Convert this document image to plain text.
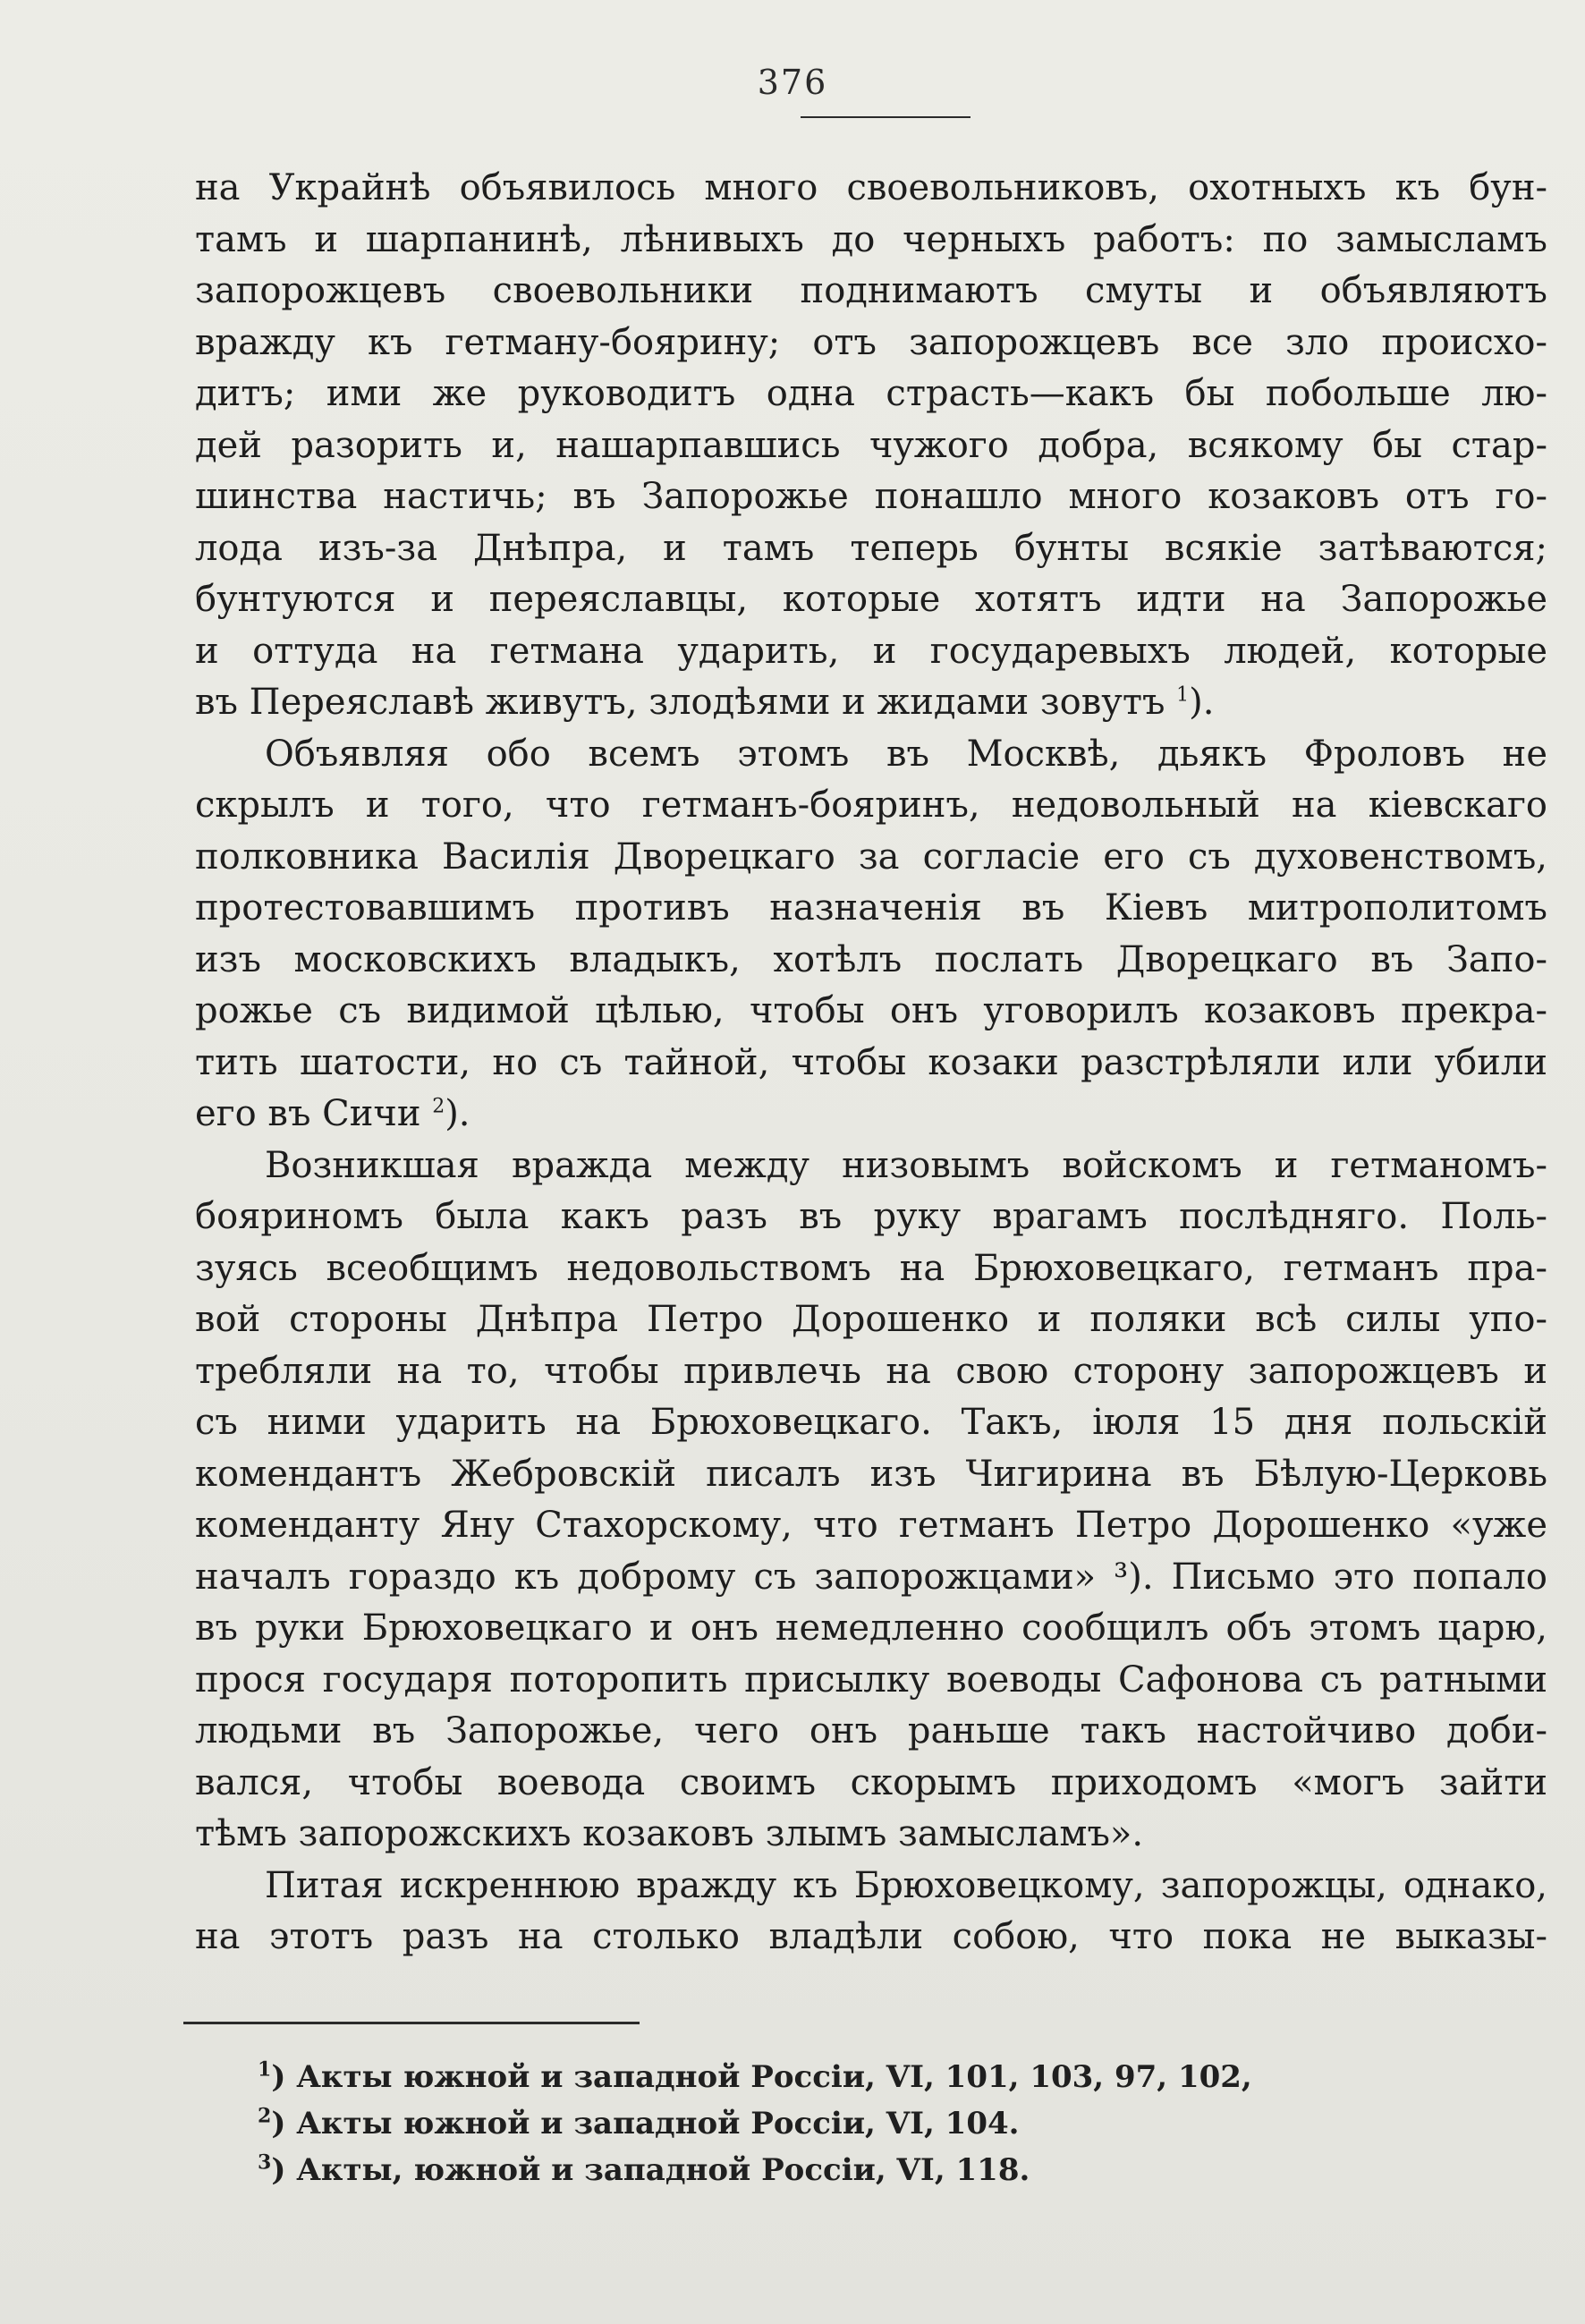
376
на Украйнѣ объявилось много своевольниковъ, охотныхъ къ бун-
тамъ и шарпанинѣ, лѣнивыхъ до черныхъ работъ: по замысламъ
запорожцевъ своевольники поднимаютъ смуты и объявляютъ
вражду къ гетману-боярину; отъ запорожцевъ все зло происхо-
дитъ; ими же руководитъ одна страсть—какъ бы побольше лю-
дей разорить и, нашарпавшись чужого добра, всякому бы стар-
шинства настичь; въ Запорожье понашло много козаковъ отъ го-
лода изъ-за Днѣпра, и тамъ теперь бунты всякіе затѣваются;
бунтуются и переяславцы, которые хотятъ идти на Запорожье
и оттуда на гетмана ударить, и государевыхъ людей, которые
въ Переяславѣ живутъ, злодѣями и жидами зовутъ $^1$).
Объявляя обо всемъ этомъ въ Москвѣ, дьякъ Фроловъ не
скрылъ и того, что гетманъ-бояринъ, недовольный на кіевскаго
полковника Василія Дворецкаго за согласіе его съ духовенствомъ,
протестовавшимъ противъ назначенія въ Кіевъ митрополитомъ
изъ московскихъ владыкъ, хотѣлъ послать Дворецкаго въ Запо-
рожье съ видимой цѣлью, чтобы онъ уговорилъ козаковъ прекра-
тить шатости, но съ тайной, чтобы козаки разстрѣляли или убили
его въ Сичи $^2$).
Возникшая вражда между низовымъ войскомъ и гетманомъ-
бояриномъ была какъ разъ въ руку врагамъ послѣдняго. Поль-
зуясь всеобщимъ недовольствомъ на Брюховецкаго, гетманъ пра-
вой стороны Днѣпра Петро Дорошенко и поляки всѣ силы упо-
требляли на то, чтобы привлечь на свою сторону запорожцевъ и
съ ними ударить на Брюховецкаго. Такъ, іюля 15 дня польскій
комендантъ Жебровскій писалъ изъ Чигирина въ Бѣлую-Церковь
коменданту Яну Стахорскому, что гетманъ Петро Дорошенко «уже
началъ гораздо къ доброму съ запорожцами» ³). Письмо это попало
въ руки Брюховецкаго и онъ немедленно сообщилъ объ этомъ царю,
прося государя поторопить присылку воеводы Сафонова съ ратными
людьми въ Запорожье, чего онъ раньше такъ настойчиво доби-
вался, чтобы воевода своимъ скорымъ приходомъ «могъ зайти
тѣмъ запорожскихъ козаковъ злымъ замысламъ».
Питая искреннюю вражду къ Брюховецкому, запорожцы, однако,
на этотъ разъ на столько владѣли собою, что пока не выказы-
$^1$) Акты южной и западной Россіи, VI, 101, 103, 97, 102,
$^2$) Акты южной и западной Россіи, VI, 104.
$^3$) Акты, южной и западной Россіи, VI, 118.
